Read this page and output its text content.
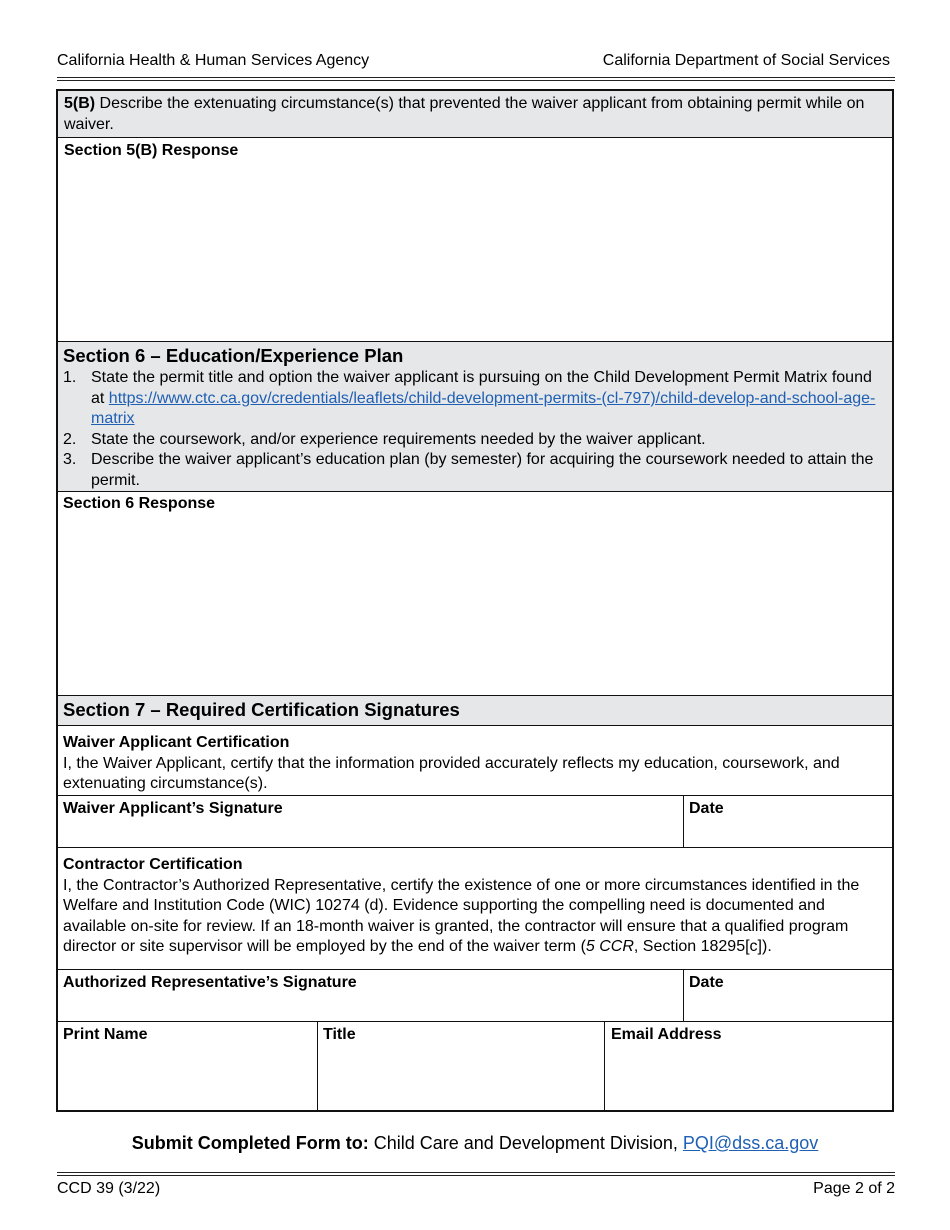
California Health & Human Services Agency	California Department of Social Services
5(B) Describe the extenuating circumstance(s) that prevented the waiver applicant from obtaining permit while on waiver.
Section 5(B) Response
Section 6 – Education/Experience Plan
1. State the permit title and option the waiver applicant is pursuing on the Child Development Permit Matrix found at https://www.ctc.ca.gov/credentials/leaflets/child-development-permits-(cl-797)/child-develop-and-school-age-matrix
2. State the coursework, and/or experience requirements needed by the waiver applicant.
3. Describe the waiver applicant’s education plan (by semester) for acquiring the coursework needed to attain the permit.
Section 6 Response
Section 7 – Required Certification Signatures
Waiver Applicant Certification
I, the Waiver Applicant, certify that the information provided accurately reflects my education, coursework, and extenuating circumstance(s).
Waiver Applicant’s Signature	Date
Contractor Certification
I, the Contractor’s Authorized Representative, certify the existence of one or more circumstances identified in the Welfare and Institution Code (WIC) 10274 (d). Evidence supporting the compelling need is documented and available on-site for review. If an 18-month waiver is granted, the contractor will ensure that a qualified program director or site supervisor will be employed by the end of the waiver term (5 CCR, Section 18295[c]).
Authorized Representative’s Signature	Date
Print Name	Title	Email Address
Submit Completed Form to: Child Care and Development Division, PQI@dss.ca.gov
CCD 39 (3/22)	Page 2 of 2
